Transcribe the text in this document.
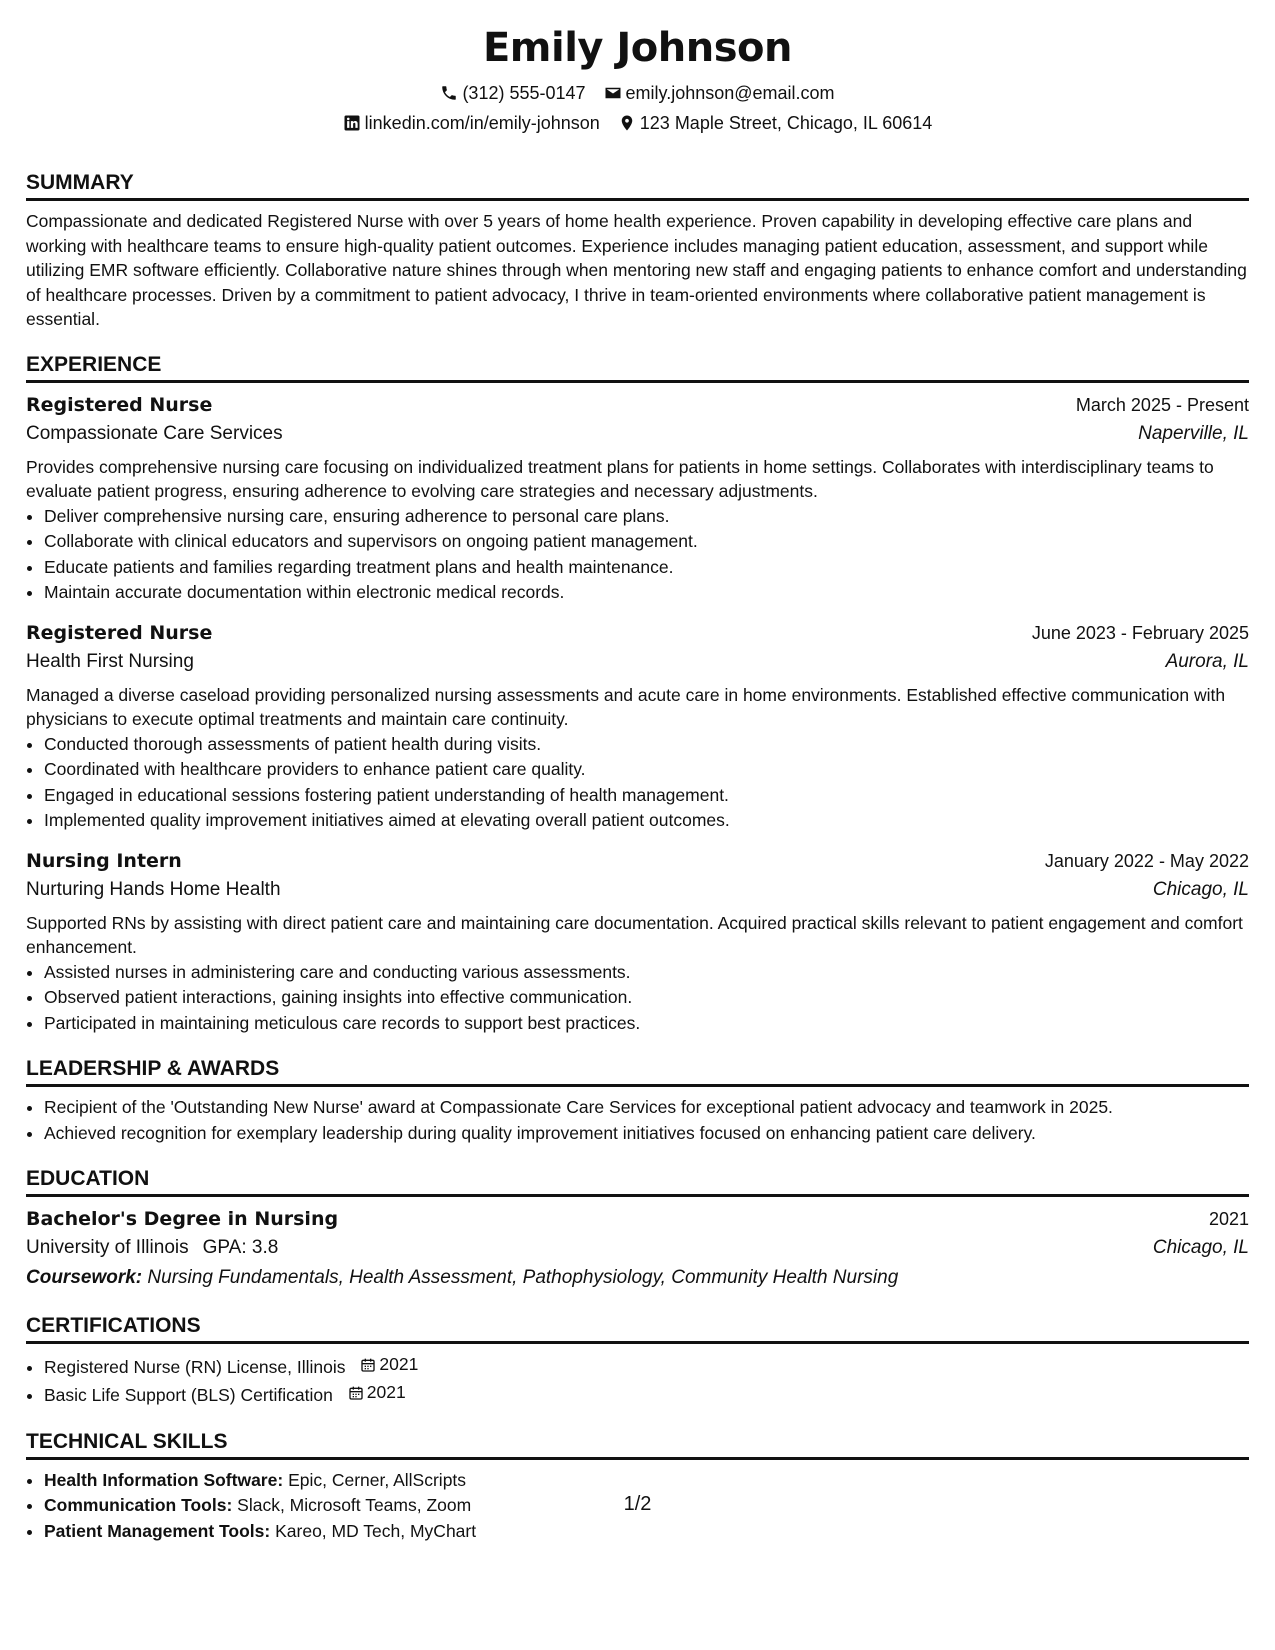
Emily Johnson
(312) 555-0147 emily.johnson@email.com
linkedin.com/in/emily-johnson 123 Maple Street, Chicago, IL 60614
SUMMARY

Compassionate and dedicated Registered Nurse with over 5 years of home health experience. Proven capability in developing effective care plans and working with healthcare teams to ensure high-quality patient outcomes. Experience includes managing patient education, assessment, and support while utilizing EMR software efficiently. Collaborative nature shines through when mentoring new staff and engaging patients to enhance comfort and understanding of healthcare processes. Driven by a commitment to patient advocacy, I thrive in team-oriented environments where collaborative patient management is essential.

EXPERIENCE
Registered Nurse	March 2025 - Present
Compassionate Care Services	Naperville, IL

Provides comprehensive nursing care focusing on individualized treatment plans for patients in home settings. Collaborates with interdisciplinary teams to evaluate patient progress, ensuring adherence to evolving care strategies and necessary adjustments.

• Deliver comprehensive nursing care, ensuring adherence to personal care plans.
• Collaborate with clinical educators and supervisors on ongoing patient management.
• Educate patients and families regarding treatment plans and health maintenance.
• Maintain accurate documentation within electronic medical records.
Registered Nurse	June 2023 - February 2025
Health First Nursing	Aurora, IL

Managed a diverse caseload providing personalized nursing assessments and acute care in home environments. Established effective communication with physicians to execute optimal treatments and maintain care continuity.

• Conducted thorough assessments of patient health during visits.
• Coordinated with healthcare providers to enhance patient care quality.
• Engaged in educational sessions fostering patient understanding of health management.
• Implemented quality improvement initiatives aimed at elevating overall patient outcomes.
Nursing Intern	January 2022 - May 2022
Nurturing Hands Home Health	Chicago, IL

Supported RNs by assisting with direct patient care and maintaining care documentation. Acquired practical skills relevant to patient engagement and comfort enhancement.

• Assisted nurses in administering care and conducting various assessments.
• Observed patient interactions, gaining insights into effective communication.
• Participated in maintaining meticulous care records to support best practices.
LEADERSHIP & AWARDS
• Recipient of the 'Outstanding New Nurse' award at Compassionate Care Services for exceptional patient advocacy and teamwork in 2025.
• Achieved recognition for exemplary leadership during quality improvement initiatives focused on enhancing patient care delivery.
EDUCATION
Bachelor's Degree in Nursing	2021
University of Illinois GPA: 3.8	Chicago, IL
Coursework: Nursing Fundamentals, Health Assessment, Pathophysiology, Community Health Nursing
CERTIFICATIONS
• Registered Nurse (RN) License, Illinois 2021
• Basic Life Support (BLS) Certification 2021
TECHNICAL SKILLS
• Health Information Software: Epic, Cerner, AllScripts
• Communication Tools: Slack, Microsoft Teams, Zoom
• Patient Management Tools: Kareo, MD Tech, MyChart
1/2
